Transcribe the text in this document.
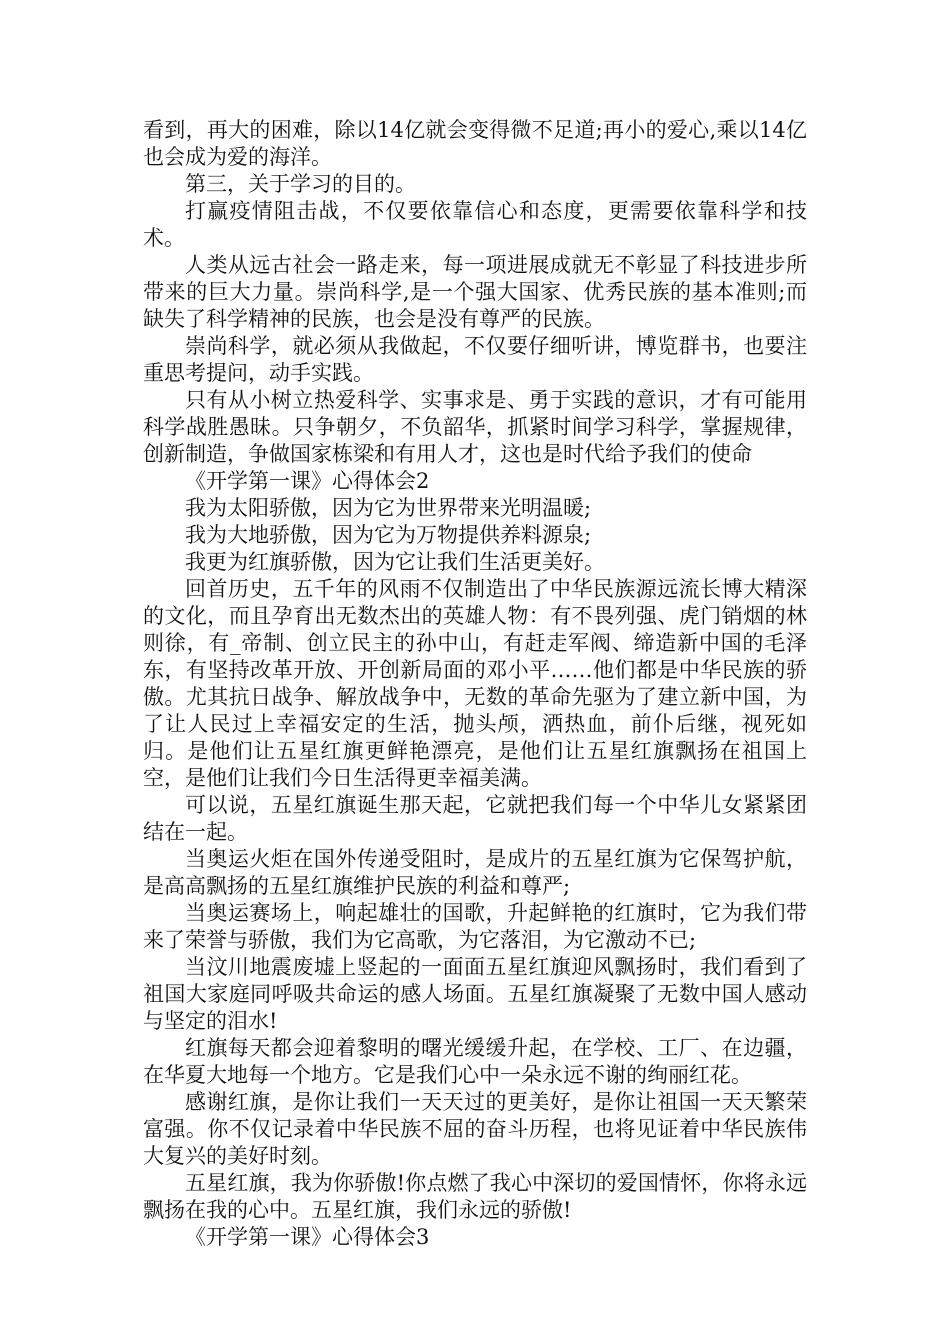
看到，再大的困难，除以14亿就会变得微不足道;再小的爱心,乘以14亿也会成为爱的海洋。

第三，关于学习的目的。

打赢疫情阻击战，不仅要依靠信心和态度，更需要依靠科学和技术。

人类从远古社会一路走来，每一项进展成就无不彰显了科技进步所带来的巨大力量。崇尚科学,是一个强大国家、优秀民族的基本准则;而缺失了科学精神的民族，也会是没有尊严的民族。

崇尚科学，就必须从我做起，不仅要仔细听讲，博览群书，也要注重思考提问，动手实践。

只有从小树立热爱科学、实事求是、勇于实践的意识，才有可能用科学战胜愚昧。只争朝夕，不负韶华，抓紧时间学习科学，掌握规律，创新制造，争做国家栋梁和有用人才，这也是时代给予我们的使命

《开学第一课》心得体会2

我为太阳骄傲，因为它为世界带来光明温暖;

我为大地骄傲，因为它为万物提供养料源泉;

我更为红旗骄傲，因为它让我们生活更美好。

回首历史，五千年的风雨不仅制造出了中华民族源远流长博大精深的文化，而且孕育出无数杰出的英雄人物：有不畏列强、虎门销烟的林则徐，有_帝制、创立民主的孙中山，有赶走军阀、缔造新中国的毛泽东，有坚持改革开放、开创新局面的邓小平……他们都是中华民族的骄傲。尤其抗日战争、解放战争中，无数的革命先驱为了建立新中国，为了让人民过上幸福安定的生活，抛头颅，洒热血，前仆后继，视死如归。是他们让五星红旗更鲜艳漂亮，是他们让五星红旗飘扬在祖国上空，是他们让我们今日生活得更幸福美满。

可以说，五星红旗诞生那天起，它就把我们每一个中华儿女紧紧团结在一起。

当奥运火炬在国外传递受阻时，是成片的五星红旗为它保驾护航，是高高飘扬的五星红旗维护民族的利益和尊严;

当奥运赛场上，响起雄壮的国歌，升起鲜艳的红旗时，它为我们带来了荣誉与骄傲，我们为它高歌，为它落泪，为它激动不已;

当汶川地震废墟上竖起的一面面五星红旗迎风飘扬时，我们看到了祖国大家庭同呼吸共命运的感人场面。五星红旗凝聚了无数中国人感动与坚定的泪水!

红旗每天都会迎着黎明的曙光缓缓升起，在学校、工厂、在边疆，在华夏大地每一个地方。它是我们心中一朵永远不谢的绚丽红花。

感谢红旗，是你让我们一天天过的更美好，是你让祖国一天天繁荣富强。你不仅记录着中华民族不屈的奋斗历程，也将见证着中华民族伟大复兴的美好时刻。

五星红旗，我为你骄傲!你点燃了我心中深切的爱国情怀，你将永远飘扬在我的心中。五星红旗，我们永远的骄傲!

《开学第一课》心得体会3
